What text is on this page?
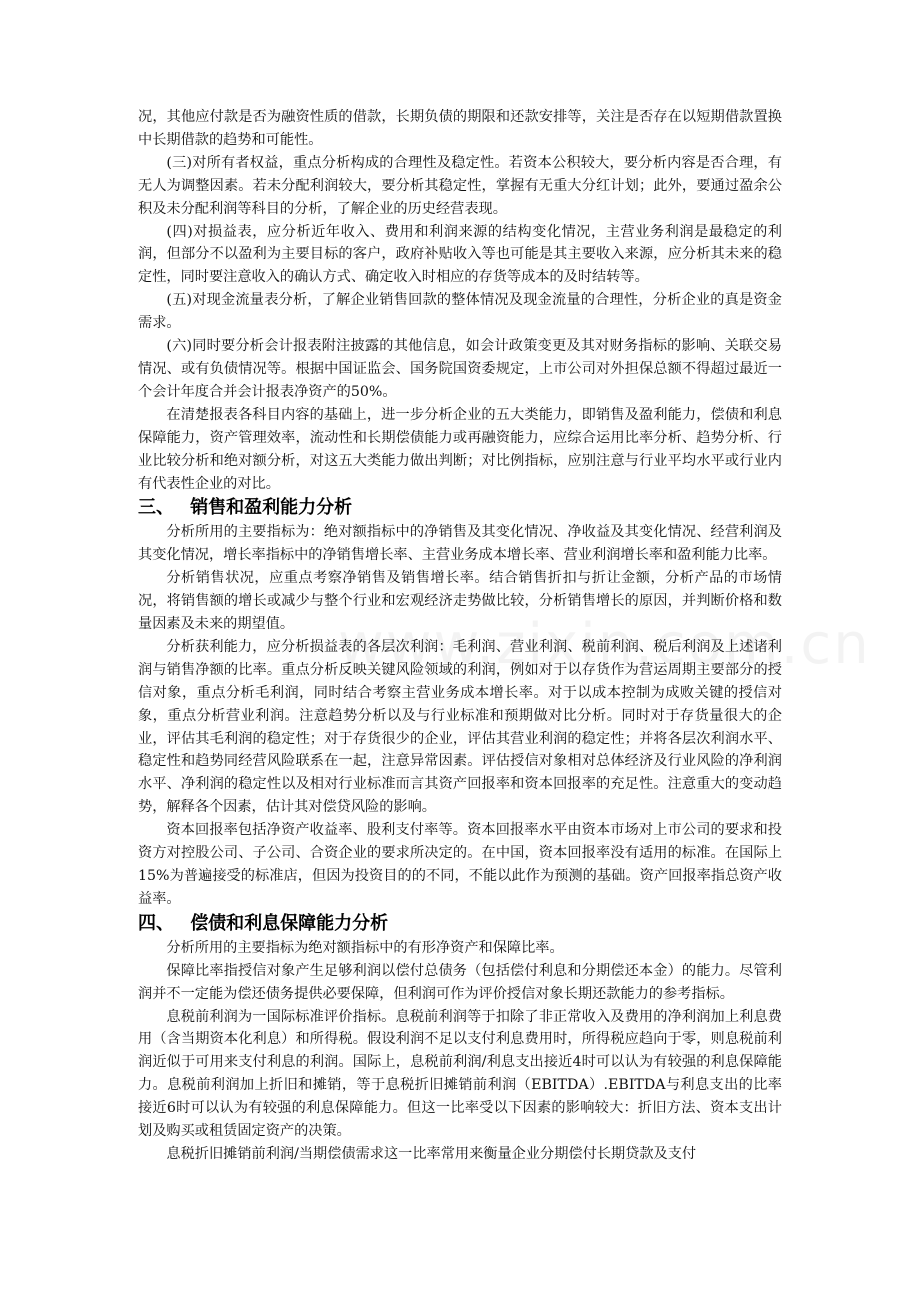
况，其他应付款是否为融资性质的借款，长期负债的期限和还款安排等，关注是否存在以短期借款置换中长期借款的趋势和可能性。

(三)对所有者权益，重点分析构成的合理性及稳定性。若资本公积较大，要分析内容是否合理，有无人为调整因素。若未分配利润较大，要分析其稳定性，掌握有无重大分红计划；此外，要通过盈余公积及未分配利润等科目的分析，了解企业的历史经营表现。

(四)对损益表，应分析近年收入、费用和利润来源的结构变化情况，主营业务利润是最稳定的利润，但部分不以盈利为主要目标的客户，政府补贴收入等也可能是其主要收入来源，应分析其未来的稳定性，同时要注意收入的确认方式、确定收入时相应的存货等成本的及时结转等。

(五)对现金流量表分析，了解企业销售回款的整体情况及现金流量的合理性，分析企业的真是资金需求。

(六)同时要分析会计报表附注披露的其他信息，如会计政策变更及其对财务指标的影响、关联交易情况、或有负债情况等。根据中国证监会、国务院国资委规定，上市公司对外担保总额不得超过最近一个会计年度合并会计报表净资产的50%。

在清楚报表各科目内容的基础上，进一步分析企业的五大类能力，即销售及盈利能力，偿债和利息保障能力，资产管理效率，流动性和长期偿债能力或再融资能力，应综合运用比率分析、趋势分析、行业比较分析和绝对额分析，对这五大类能力做出判断；对比例指标，应别注意与行业平均水平或行业内有代表性企业的对比。

三、 销售和盈利能力分析

分析所用的主要指标为：绝对额指标中的净销售及其变化情况、净收益及其变化情况、经营利润及其变化情况，增长率指标中的净销售增长率、主营业务成本增长率、营业利润增长率和盈利能力比率。

分析销售状况，应重点考察净销售及销售增长率。结合销售折扣与折让金额，分析产品的市场情况，将销售额的增长或减少与整个行业和宏观经济走势做比较，分析销售增长的原因，并判断价格和数量因素及未来的期望值。

分析获利能力，应分析损益表的各层次利润：毛利润、营业利润、税前利润、税后利润及上述诸利润与销售净额的比率。重点分析反映关键风险领域的利润，例如对于以存货作为营运周期主要部分的授信对象，重点分析毛利润，同时结合考察主营业务成本增长率。对于以成本控制为成败关键的授信对象，重点分析营业利润。注意趋势分析以及与行业标准和预期做对比分析。同时对于存货量很大的企业，评估其毛利润的稳定性；对于存货很少的企业，评估其营业利润的稳定性；并将各层次利润水平、稳定性和趋势同经营风险联系在一起，注意异常因素。评估授信对象相对总体经济及行业风险的净利润水平、净利润的稳定性以及相对行业标准而言其资产回报率和资本回报率的充足性。注意重大的变动趋势，解释各个因素，估计其对偿贷风险的影响。

资本回报率包括净资产收益率、股利支付率等。资本回报率水平由资本市场对上市公司的要求和投资方对控股公司、子公司、合资企业的要求所决定的。在中国，资本回报率没有适用的标准。在国际上15%为普遍接受的标准店，但因为投资目的的不同，不能以此作为预测的基础。资产回报率指总资产收益率。

四、 偿债和利息保障能力分析

分析所用的主要指标为绝对额指标中的有形净资产和保障比率。

保障比率指授信对象产生足够利润以偿付总债务（包括偿付利息和分期偿还本金）的能力。尽管利润并不一定能为偿还债务提供必要保障，但利润可作为评价授信对象长期还款能力的参考指标。

息税前利润为一国际标准评价指标。息税前利润等于扣除了非正常收入及费用的净利润加上利息费用（含当期资本化利息）和所得税。假设利润不足以支付利息费用时，所得税应趋向于零，则息税前利润近似于可用来支付利息的利润。国际上，息税前利润/利息支出接近4时可以认为有较强的利息保障能力。息税前利润加上折旧和摊销，等于息税折旧摊销前利润（EBITDA）.EBITDA与利息支出的比率接近6时可以认为有较强的利息保障能力。但这一比率受以下因素的影响较大：折旧方法、资本支出计划及购买或租赁固定资产的决策。

息税折旧摊销前利润/当期偿债需求这一比率常用来衡量企业分期偿付长期贷款及支付
